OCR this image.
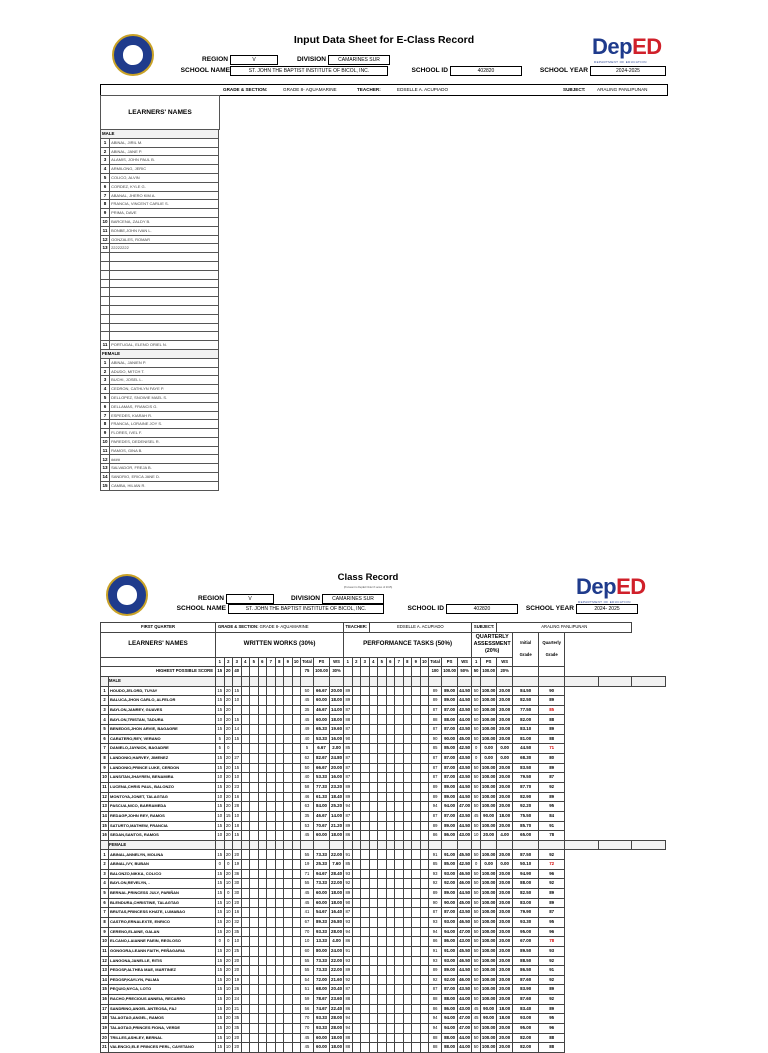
Input Data Sheet for E-Class Record	DepED
DEPARTMENT OF EDUCATION
REGION	V	DIVISION	CAMARINES SUR
SCHOOL NAME	ST. JOHN THE BAPTIST INSTITUTE OF BICOL, INC.	SCHOOL ID	402820	SCHOOL YEAR	2024-2025
GRADE & SECTION:	GRADE 8- AQUAMARINE	TEACHER:	EDSELLE A. ACUPIADO	SUBJECT:	ARALING PANLIPUNAN
LEARNERS' NAMES
MALE	
1	ABINAL, JIRIL M.
2	ABINAL, JANE P.
3	ALAMIS, JOHN PAUL B.
4	ARMILONG, JERIC
5	COLICO, ALVIN
6	CORDEZ, KYLE G.
7	ABANAL, JHERO KIM A.
8	FRANCIA, VINCENT CARLIE S.
9	PRIMA, DAVE
10	BARCENA, ZALDY B.
11	BONBE,JOHN IVAN L.
12	GONZALES, ROMAR
13	22222222

11	PORTUGAL, ELENO ORIEL N.
FEMALE	
1	ABINAL, JANIEN P.
2	ADUDO, MITCH T.
3	BUCHI, JOSEL L.
4	CEDRON, CATHLYN FAYE P.
5	DELLOPEZ, SNOWIE MAEL S.
6	DELLAMAS, FRANCIS G.
7	ESPEDES, KIARAH R.
8	FRANCIA, LORAINE JOY S.
9	FLORES, IVEL F.
10	PAREDES, DEDENISEL R.
11	RAMOS, GINA B.
12	####
13	SALVADOR, FREJA B.
14	SANDRIO, ERICA JANE D.
15	CAMBA, HILIAN R.
Class Record
(Pursuant to DepEd Order 8 series of 2015)	DepED
DEPARTMENT OF EDUCATION
REGION	V	DIVISION	CAMARINES SUR
SCHOOL NAME	ST. JOHN THE BAPTIST INSTITUTE OF BICOL, INC.	SCHOOL ID	402820	SCHOOL YEAR	2024- 2025
FIRST QUARTER		GRADE & SECTION: GRADE 8- AQUAMARINE													TEACHER:			EDSELLE A. ACUPIADO										SUBJECT:		ARALING PANLIPUNAN					
LEARNERS' NAMES		WRITTEN WORKS (30%)													PERFORMANCE TASKS (50%)													QUARTERLY ASSESSMENT (20%)			Initial
Grade	Quarterly
Grade			

		1	2	3	4	5	6	7	8	9	10	Total	PS	WS	1	2	3	4	5	6	7	8	9	10	Total	PS	WS	1	PS	WS					
HIGHEST POSSIBLE SCORE		15	20	40								75	100.00	30%											100	100.00	50%	50	100.00	20%					
	MALE																																		
1	HOUDO,JELORD, TUYAY	15	20	15								50	66.67	20.00	89										89	89.00	44.50	50	100.00	20.00	84.50	90			
2	BALUCA,JHON CARLO, ALFELOR	15	20	10								45	60.00	18.00	89										89	89.00	44.50	50	100.00	20.00	82.50	89			
3	BAYLON,JANREY, GUAVES	15	20									35	46.67	14.00	87										87	87.00	43.50	50	100.00	20.00	77.50	85			
4	BAYLON,TRISTAN, TADURA	10	20	15								45	60.00	18.00	88										88	88.00	44.00	50	100.00	20.00	82.00	88			
5	BENEDOS,JHON ARVIE, BAGAGRE	15	20	14								49	65.33	19.60	87										87	87.00	43.50	50	100.00	20.00	83.10	89			
6	CARATERO,REY, VERANO	5	20	15								40	53.33	16.00	90										90	90.00	45.00	50	100.00	20.00	81.00	88			
7	DANIELO,JAYNICK, BAGADRE	5	0									5	6.67	2.00	85										85	85.00	42.50	0	0.00	0.00	44.50	71			
8	LANDONIO,HARVEY, JIMENEZ	15	20	27								62	82.67	24.80	87										87	87.00	43.50	0	0.00	0.00	68.30	80			
9	LANDONIO,PRINCE LUKE, CERDON	15	20	15								50	66.67	20.00	87										87	87.00	43.50	50	100.00	20.00	83.50	89			
10	LANSITAN,JHAYREN, BENAMIRA	10	20	10								40	53.33	16.00	87										87	87.00	43.50	50	100.00	20.00	79.50	87			
11	LUCENA,CHRIS PAUL, BALONZO	15	20	23								58	77.33	23.20	89										89	89.00	44.50	50	100.00	20.00	87.70	92			
12	MONTOYA,JONET, TALAGTAG	10	20	16								46	61.33	18.40	89										89	89.00	44.50	50	100.00	20.00	82.90	89			
13	PASCUA,NICO, BARRAMEDA	15	20	28								63	84.00	25.20	94										94	94.00	47.00	50	100.00	20.00	92.20	95			
14	REDAGP,JOHN REY, RAMOS	10	15	10								35	46.67	14.00	87										87	87.00	43.50	45	90.00	18.00	75.50	84			
15	SATURTO,MATHEW, FRANCIA	15	20	18								53	70.67	21.20	89										89	89.00	44.50	50	100.00	20.00	85.70	91			
16	SEDAN,SANTOS, RAMOS	10	20	15								45	60.00	18.00	86										86	86.00	43.00	10	20.00	4.00	65.00	78			
	FEMALE																																		
1	ABINAL,ANNELYN, MOLINA	15	20	20								55	73.33	22.00	91										91	91.00	45.50	50	100.00	20.00	87.50	92			
2	ABINAL,IVY, BUBAN	0	0	19								19	25.33	7.60	85										85	85.00	42.50	0	0.00	0.00	50.10	72			
3	BALONZO,NIKKA, COLICO	15	20	36								71	94.67	28.40	93										93	93.00	46.50	50	100.00	20.00	94.90	96			
4	BAYLON,REVELYN, -	15	10	30								55	73.33	22.00	92										92	92.00	46.00	50	100.00	20.00	88.00	92			
5	BERNAL,PRINCESS JULY, PARIÑAN	15	0	30								45	60.00	18.00	89										89	89.00	44.50	50	100.00	20.00	82.50	89			
6	BLENDURA,CHRISTINE, TALAGTAG	15	10	20								45	60.00	18.00	90										90	90.00	45.00	50	100.00	20.00	83.00	89			
7	BRUTAS,PRINCESS KHATE, LUMABAO	15	10	16								41	54.67	16.40	87										87	87.00	43.50	50	100.00	20.00	79.90	87			
8	CASTRO,ERNALEXTE, ENRICO	15	20	32								67	89.33	26.80	93										93	93.00	46.50	50	100.00	20.00	93.30	95			
9	CERENO,ELAINE, GALAN	15	20	35								70	93.33	28.00	94										94	94.00	47.00	50	100.00	20.00	95.00	96			
10	ELCANO,LAIANNE FAEIN, REGLOSO	0	0	10								10	13.33	4.00	86										86	86.00	43.00	50	100.00	20.00	67.00	78			
11	GONGORA,LEANN FAITH, PEÑAGARIA	15	20	25								60	80.00	24.00	91										91	91.00	45.50	50	100.00	20.00	89.50	93			
12	LANGONA,JANELLE, RITIS	15	20	20								55	73.33	22.00	93										93	93.00	46.50	50	100.00	20.00	88.50	92			
13	PEDOSP,ALTHEA MAE, MARTINEZ	15	20	20								55	73.33	22.00	89										89	89.00	44.50	50	100.00	20.00	86.50	91			
14	PEDOSP,KAYLYN, PALMA	15	20	19								54	72.00	21.60	92										92	92.00	46.00	50	100.00	20.00	87.60	92			
15	PEQUIO,NYCA, LOTO	15	10	26								51	68.00	20.40	87										87	87.00	43.50	50	100.00	20.00	83.90	89			
16	RACHO,PRECIOUS ANNEIA, RECARRO	15	20	24								59	78.67	23.60	88										88	88.00	44.00	50	100.00	20.00	87.60	92			
17	SANDRINO,ANGEL ANTEOSA, FAJ	15	20	21								56	74.67	22.40	86										86	86.00	43.00	45	90.00	18.00	83.40	89			
18	TALAGTAG,ANGEL, RAMOS	15	20	35								70	93.33	28.00	94										94	94.00	47.00	45	90.00	18.00	93.00	95			
19	TALAGTAG,PRINCES FIONA, VERDE	15	20	35								70	93.33	28.00	94										94	94.00	47.00	50	100.00	20.00	95.00	96			
20	TRILLES,ASHLEY, BERNAL	15	10	20								45	60.00	18.00	88										88	88.00	44.00	50	100.00	20.00	82.00	88			
21	VALENCIO,ELE PRINCES PERL, CAYETANO	15	10	20								45	60.00	18.00	88										88	88.00	44.00	50	100.00	20.00	82.00	88			
